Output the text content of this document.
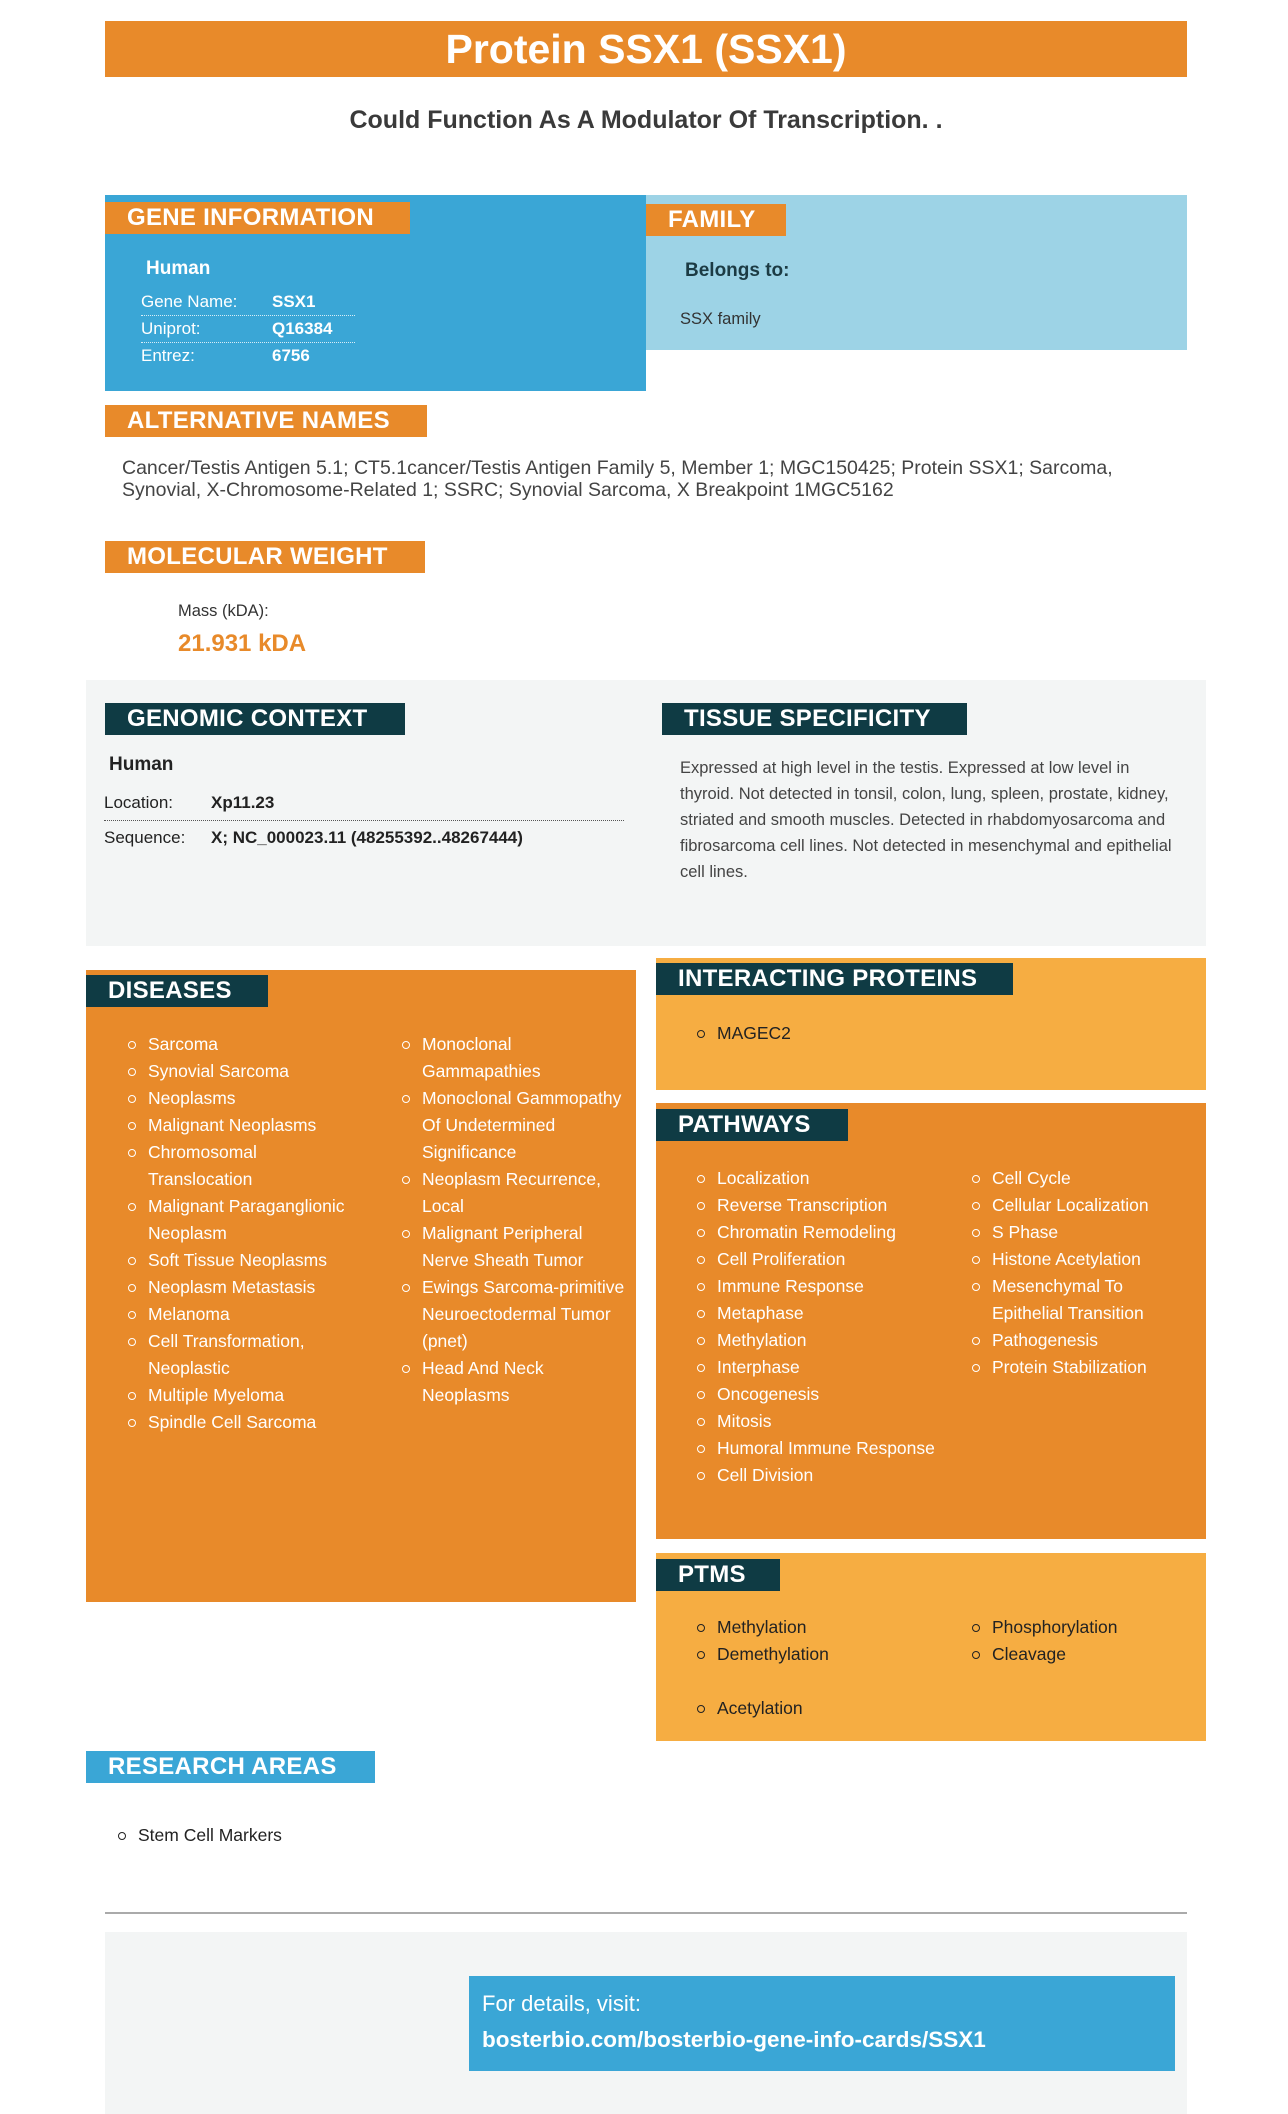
Protein SSX1 (SSX1)
Could Function As A Modulator Of Transcription. .
GENE INFORMATION
Human
Gene Name:	SSX1
Uniprot:	Q16384
Entrez:	6756
FAMILY
Belongs to:
SSX family
ALTERNATIVE NAMES
Cancer/Testis Antigen 5.1; CT5.1cancer/Testis Antigen Family 5, Member 1; MGC150425; Protein SSX1; Sarcoma, Synovial, X-Chromosome-Related 1; SSRC; Synovial Sarcoma, X Breakpoint 1MGC5162
MOLECULAR WEIGHT
Mass (kDA):
21.931 kDA
GENOMIC CONTEXT
Human
Location:	Xp11.23
Sequence:	X; NC_000023.11 (48255392..48267444)
TISSUE SPECIFICITY
Expressed at high level in the testis. Expressed at low level in thyroid. Not detected in tonsil, colon, lung, spleen, prostate, kidney, striated and smooth muscles. Detected in rhabdomyosarcoma and fibrosarcoma cell lines. Not detected in mesenchymal and epithelial cell lines.
DISEASES
Sarcoma
Synovial Sarcoma
Neoplasms
Malignant Neoplasms
Chromosomal Translocation
Malignant Paraganglionic Neoplasm
Soft Tissue Neoplasms
Neoplasm Metastasis
Melanoma
Cell Transformation, Neoplastic
Multiple Myeloma
Spindle Cell Sarcoma
Monoclonal Gammapathies
Monoclonal Gammopathy Of Undetermined Significance
Neoplasm Recurrence, Local
Malignant Peripheral Nerve Sheath Tumor
Ewings Sarcoma-primitive Neuroectodermal Tumor (pnet)
Head And Neck Neoplasms
INTERACTING PROTEINS
MAGEC2
PATHWAYS
Localization
Reverse Transcription
Chromatin Remodeling
Cell Proliferation
Immune Response
Metaphase
Methylation
Interphase
Oncogenesis
Mitosis
Humoral Immune Response
Cell Division
Cell Cycle
Cellular Localization
S Phase
Histone Acetylation
Mesenchymal To Epithelial Transition
Pathogenesis
Protein Stabilization
PTMS
Methylation
Demethylation
Phosphorylation
Cleavage
Acetylation
RESEARCH AREAS
Stem Cell Markers
For details, visit:
bosterbio.com/bosterbio-gene-info-cards/SSX1
